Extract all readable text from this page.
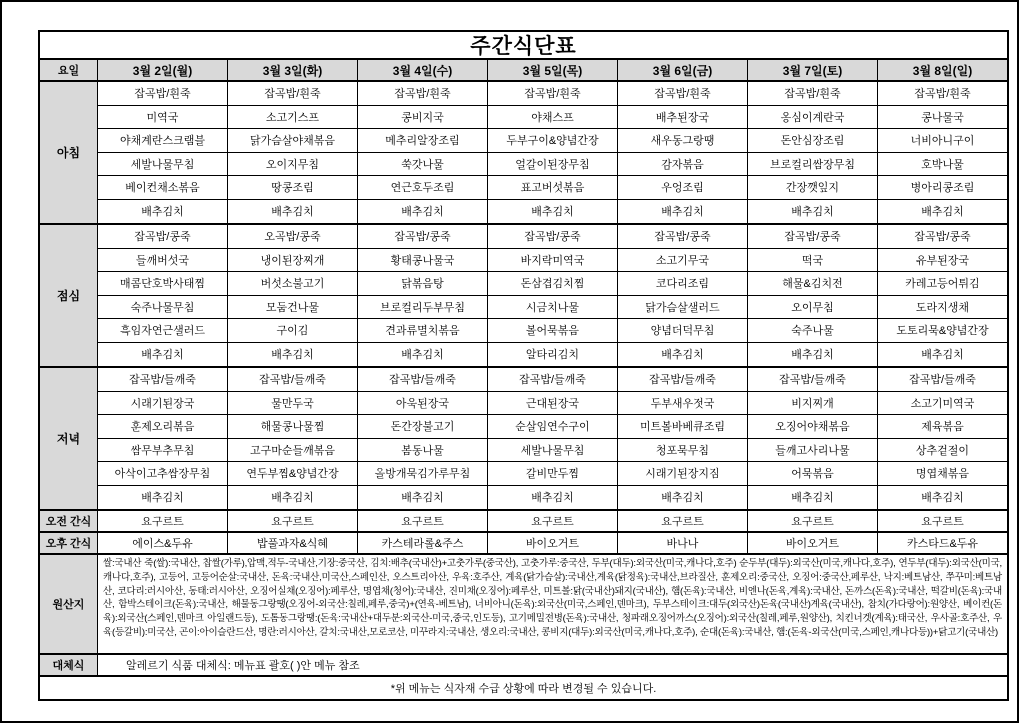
주간식단표
요일	3월 2일(월)	3월 3일(화)	3월 4일(수)	3월 5일(목)	3월 6일(금)	3월 7일(토)	3월 8일(일)
아침
잡곡밥/흰죽	잡곡밥/흰죽	잡곡밥/흰죽	잡곡밥/흰죽	잡곡밥/흰죽	잡곡밥/흰죽	잡곡밥/흰죽
미역국	소고기스프	콩비지국	야채스프	배추된장국	옹심이계란국	콩나물국
야채계란스크램블	닭가슴살야채볶음	메추리알장조림	두부구이&양념간장	새우동그랑땡	돈안심장조림	너비아니구이
세발나물무침	오이지무침	쑥갓나물	얼갈이된장무침	감자볶음	브로컬리쌈장무침	호박나물
베이컨채소볶음	땅콩조림	연근호두조림	표고버섯볶음	우엉조림	간장깻잎지	병아리콩조림
배추김치	배추김치	배추김치	배추김치	배추김치	배추김치	배추김치
점심
잡곡밥/콩죽	오곡밥/콩죽	잡곡밥/콩죽	잡곡밥/콩죽	잡곡밥/콩죽	잡곡밥/콩죽	잡곡밥/콩죽
들깨버섯국	냉이된장찌개	황태콩나물국	바지락미역국	소고기무국	떡국	유부된장국
매콤단호박사태찜	버섯소불고기	닭볶음탕	돈삼겹김치찜	코다리조림	해물&김치전	카레고등어튀김
숙주나물무침	모둠건나물	브로컬리두부무침	시금치나물	닭가슴살샐러드	오이무침	도라지생채
흑임자연근샐러드	구이김	견과류멸치볶음	볼어묵볶음	양념더덕무침	숙주나물	도토리묵&양념간장
배추김치	배추김치	배추김치	알타리김치	배추김치	배추김치	배추김치
저녁
잡곡밥/들깨죽	잡곡밥/들깨죽	잡곡밥/들깨죽	잡곡밥/들깨죽	잡곡밥/들깨죽	잡곡밥/들깨죽	잡곡밥/들깨죽
시래기된장국	물만두국	아욱된장국	근대된장국	두부새우젓국	비지찌개	소고기미역국
훈제오리볶음	해물콩나물찜	돈간장불고기	순살임연수구이	미트볼바베큐조림	오징어야채볶음	제육볶음
쌈무부추무침	고구마순들깨볶음	봄동나물	세발나물무침	청포묵무침	들깨고사리나물	상추겉절이
아삭이고추쌈장무침	연두부찜&양념간장	올방개묵김가루무침	갈비만두찜	시래기된장지짐	어묵볶음	명엽채볶음
배추김치	배추김치	배추김치	배추김치	배추김치	배추김치	배추김치
오전 간식	요구르트	요구르트	요구르트	요구르트	요구르트	요구르트	요구르트
오후 간식	에이스&두유	밥풀과자&식혜	카스테라롤&주스	바이오거트	바나나	바이오거트	카스타드&두유
원산지
쌀:국내산 죽(쌀):국내산, 찹쌀(가루),압맥,적두-국내산,기장:중국산, 김치:배추(국내산)+고춧가루(중국산), 고춧가루:중국산, 두부(대두):외국산(미국,캐나다,호주) 순두부(대두):외국산(미국,캐나다,호주), 연두부(대두):외국산(미국,캐나다,호주), 고등어, 고등어순살:국내산, 돈육:국내산,미국산,스페인산, 오스트리아산, 우육:호주산, 계육(닭가슴살):국내산,계육(닭정육):국내산,브라질산, 훈제오리:중국산, 오징어:중국산,페루산, 낙지:베트남산, 쭈꾸미:베트남산, 코다리:러시아산, 동태:러시아산, 오징어실채(오징어):페루산, 명엽채(청어):국내산, 진미채(오징어):페루산, 미트볼:닭(국내산)돼지(국내산), 햄(돈육):국내산, 비엔나(돈육,계육):국내산, 돈까스(돈육):국내산, 떡갈비(돈육):국내산, 함박스테이크(돈육):국내산, 해물동그랑땡(오징어-외국산:칠레,페루,중국)+(연육-베트남), 너비아니(돈육):외국산(미국,스페인,덴마크), 두부스테이크:대두(외국산)돈육(국내산)계육(국내산), 참치(가다랑어):원양산, 베이컨(돈육):외국산(스페인,덴마크 아일랜드등), 도톰동그랑땡:(돈육:국내산+대두분:외국산-미국,중국,인도등), 고기메밀전병(돈육):국내산, 청파래오징어까스(오징어):외국산(칠레,페루,원양산), 치킨너겟(계육):태국산, 우사골:호주산, 우육(등갈비):미국산, 곤이:아이슬란드산, 명란:러시아산, 갈치:국내산,모로코산, 미꾸라지:국내산, 생오리:국내산, 콩비지(대두):외국산(미국,캐나다,호주), 순대(돈육):국내산, 햄:(돈육-외국산(미국,스페인,캐나다등))+닭고기(국내산)
대체식	알레르기 식품 대체식: 메뉴표 괄호( )안 메뉴 참조
*위 메뉴는 식자재 수급 상황에 따라 변경될 수 있습니다.
